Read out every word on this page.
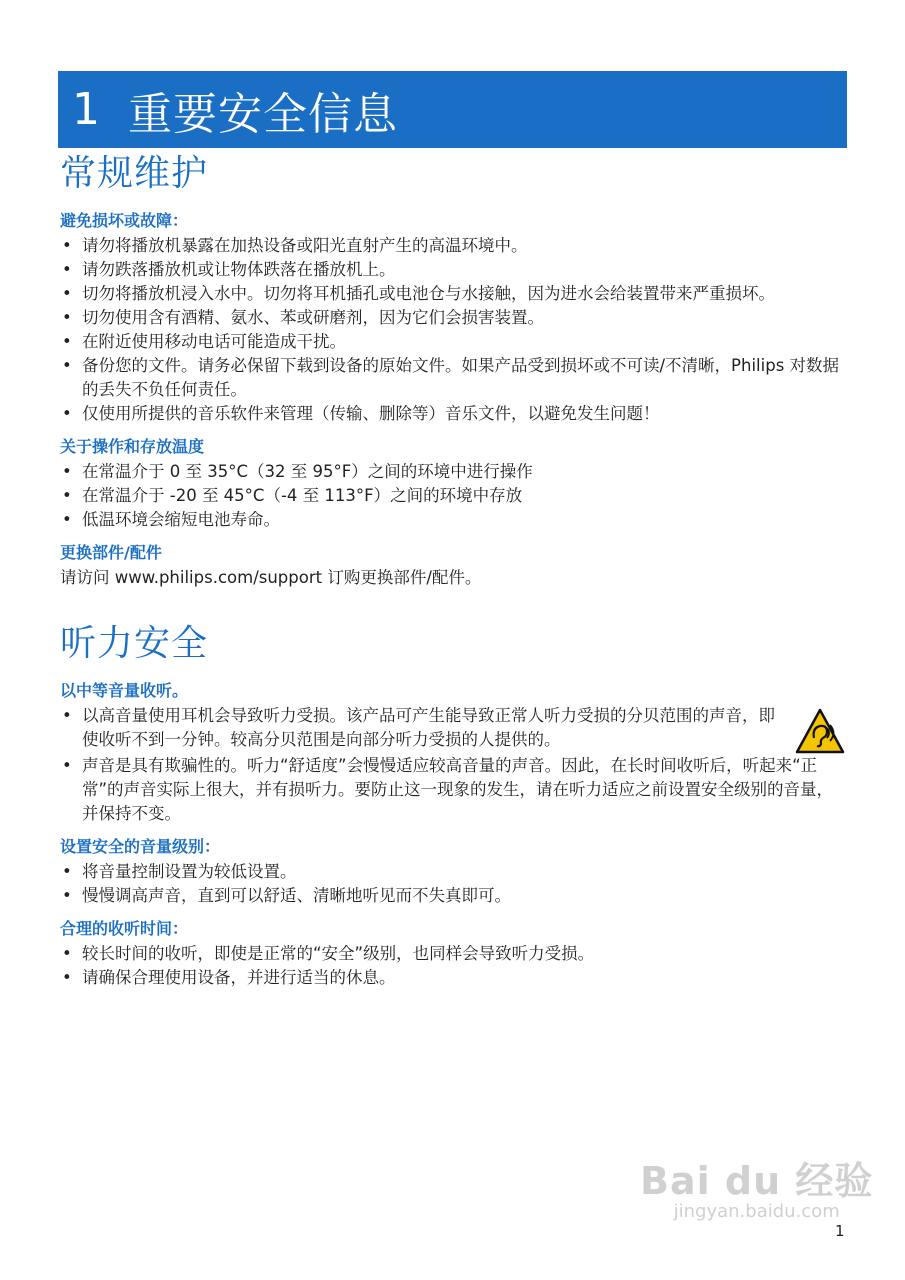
1 重要安全信息
常规维护
避免损坏或故障：
• 请勿将播放机暴露在加热设备或阳光直射产生的高温环境中。
• 请勿跌落播放机或让物体跌落在播放机上。
• 切勿将播放机浸入水中。切勿将耳机插孔或电池仓与水接触，因为进水会给装置带来严重损坏。
• 切勿使用含有酒精、氨水、苯或研磨剂，因为它们会损害装置。
• 在附近使用移动电话可能造成干扰。
• 备份您的文件。请务必保留下载到设备的原始文件。如果产品受到损坏或不可读/不清晰，Philips 对数据的丢失不负任何责任。
• 仅使用所提供的音乐软件来管理（传输、删除等）音乐文件，以避免发生问题！
关于操作和存放温度
• 在常温介于 0 至 35°C（32 至 95°F）之间的环境中进行操作
• 在常温介于 -20 至 45°C（-4 至 113°F）之间的环境中存放
• 低温环境会缩短电池寿命。
更换部件/配件

请访问 www.philips.com/support 订购更换部件/配件。

听力安全
以中等音量收听。
• 以高音量使用耳机会导致听力受损。该产品可产生能导致正常人听力受损的分贝范围的声音，即使收听不到一分钟。较高分贝范围是向部分听力受损的人提供的。
• 声音是具有欺骗性的。听力“舒适度”会慢慢适应较高音量的声音。因此，在长时间收听后，听起来“正常”的声音实际上很大，并有损听力。要防止这一现象的发生，请在听力适应之前设置安全级别的音量，并保持不变。
设置安全的音量级别：
• 将音量控制设置为较低设置。
• 慢慢调高声音，直到可以舒适、清晰地听见而不失真即可。
合理的收听时间：
• 较长时间的收听，即使是正常的“安全”级别，也同样会导致听力受损。
• 请确保合理使用设备，并进行适当的休息。
Bai du 经验
jingyan.baidu.com
1
